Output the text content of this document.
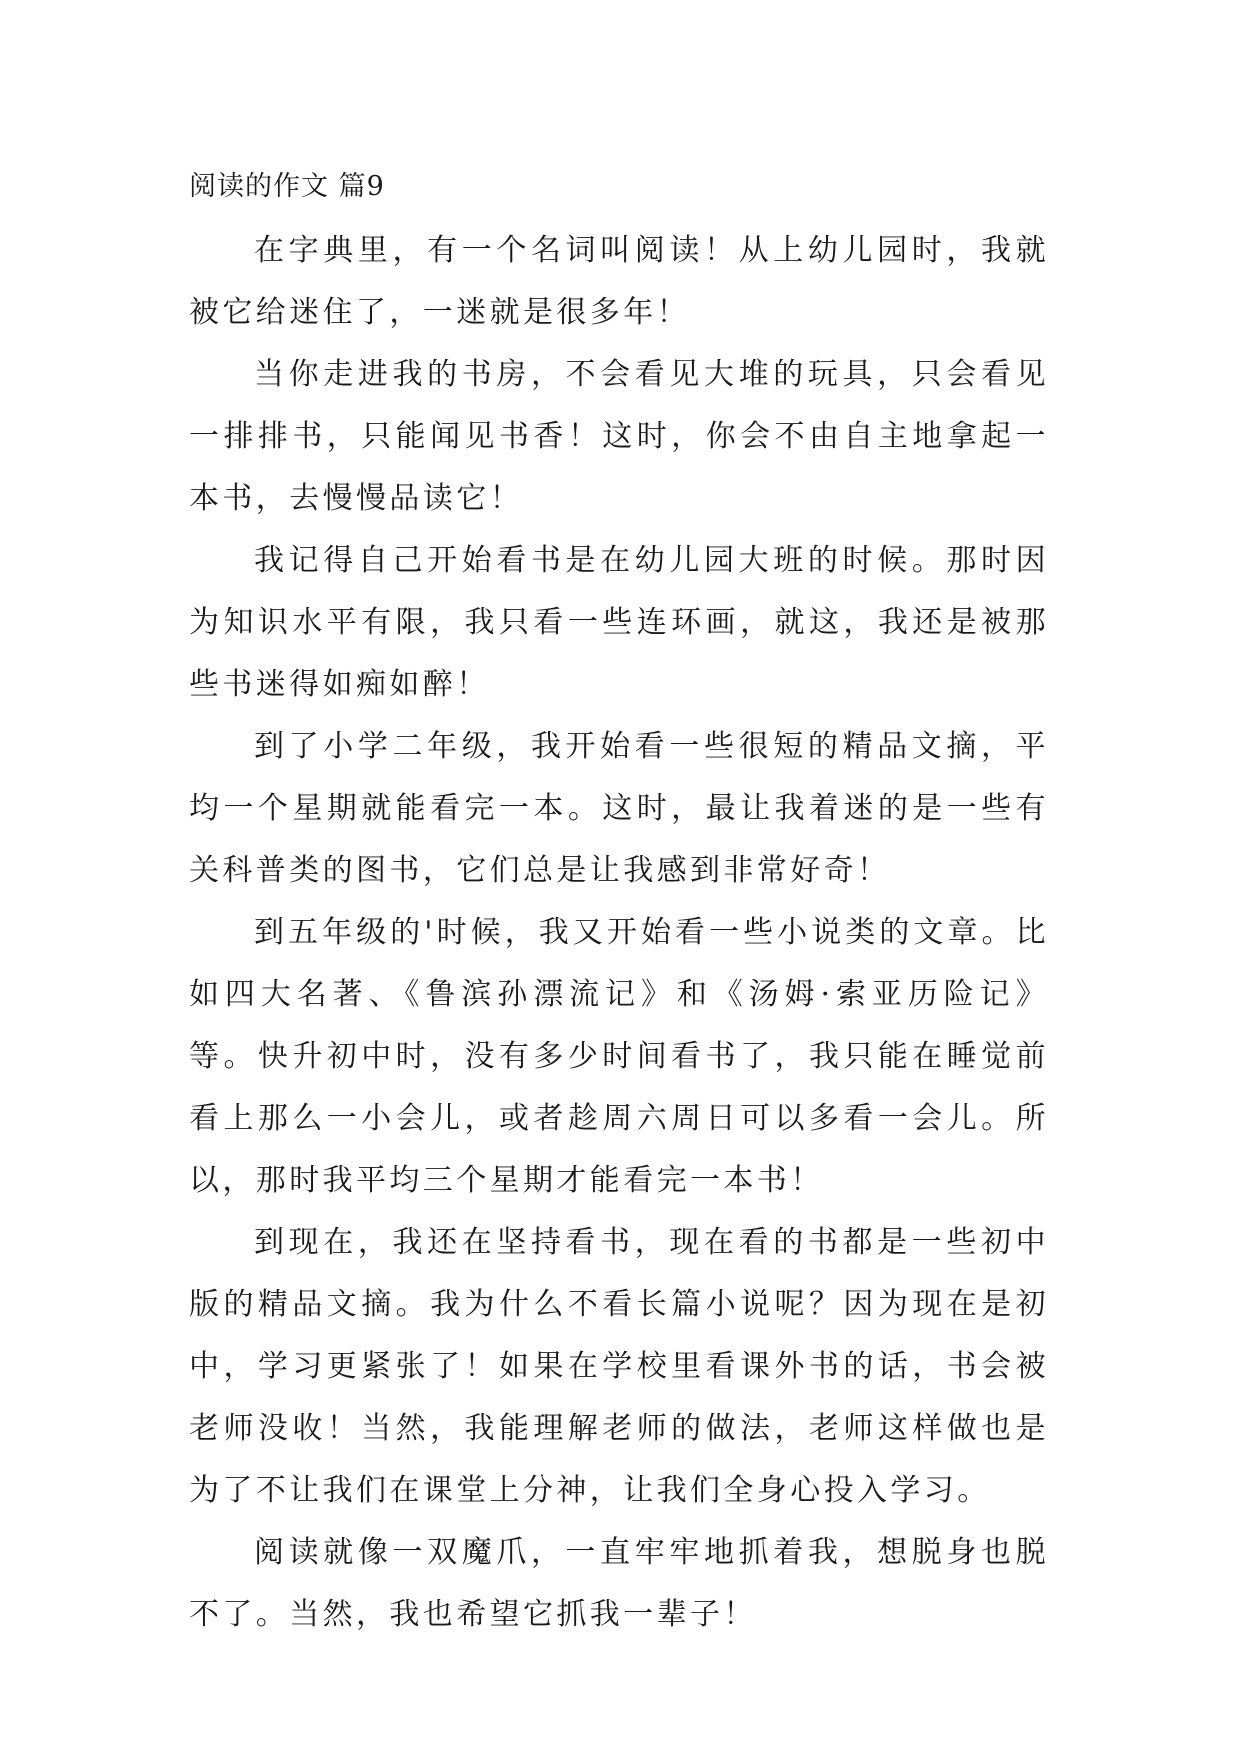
阅读的作文 篇9

在字典里，有一个名词叫阅读！从上幼儿园时，我就被它给迷住了，一迷就是很多年！

当你走进我的书房，不会看见大堆的玩具，只会看见一排排书，只能闻见书香！这时，你会不由自主地拿起一本书，去慢慢品读它！

我记得自己开始看书是在幼儿园大班的时候。那时因为知识水平有限，我只看一些连环画，就这，我还是被那些书迷得如痴如醉！

到了小学二年级，我开始看一些很短的精品文摘，平均一个星期就能看完一本。这时，最让我着迷的是一些有关科普类的图书，它们总是让我感到非常好奇！

到五年级的'时候，我又开始看一些小说类的文章。比如四大名著、《鲁滨孙漂流记》和《汤姆·索亚历险记》等。快升初中时，没有多少时间看书了，我只能在睡觉前看上那么一小会儿，或者趁周六周日可以多看一会儿。所以，那时我平均三个星期才能看完一本书！

到现在，我还在坚持看书，现在看的书都是一些初中版的精品文摘。我为什么不看长篇小说呢？因为现在是初中，学习更紧张了！如果在学校里看课外书的话，书会被老师没收！当然，我能理解老师的做法，老师这样做也是为了不让我们在课堂上分神，让我们全身心投入学习。

阅读就像一双魔爪，一直牢牢地抓着我，想脱身也脱不了。当然，我也希望它抓我一辈子！
